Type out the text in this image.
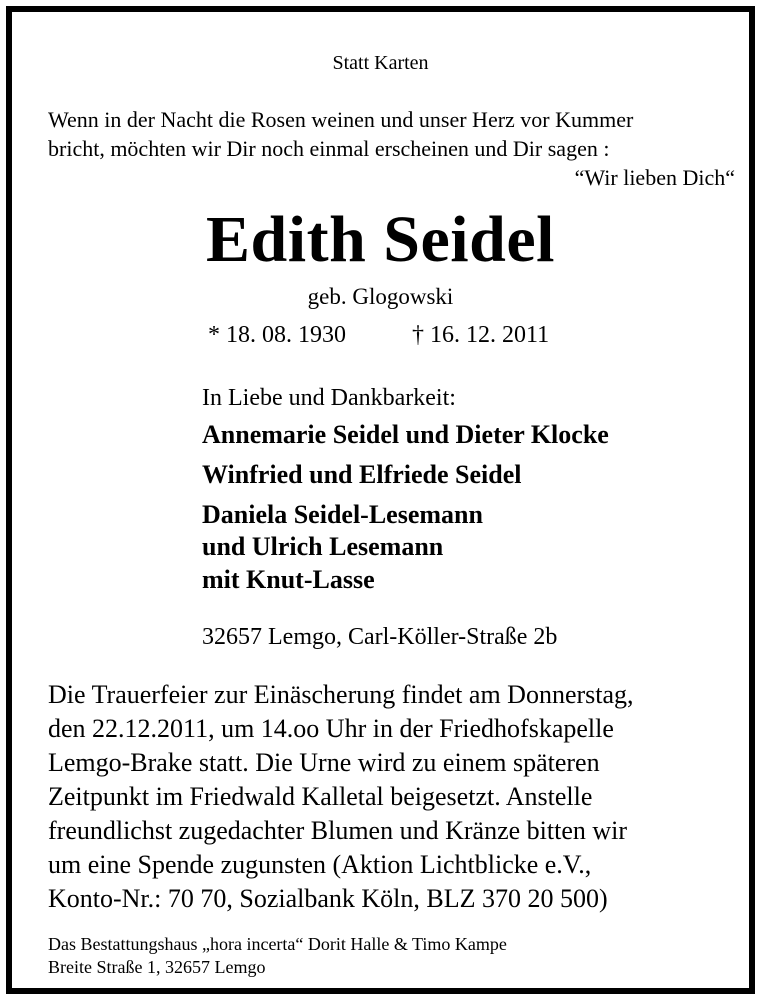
Statt Karten
Wenn in der Nacht die Rosen weinen und unser Herz vor Kummer
bricht, möchten wir Dir noch einmal erscheinen und Dir sagen :
“Wir lieben Dich“
Edith Seidel
geb. Glogowski
* 18. 08. 1930	† 16. 12. 2011
In Liebe und Dankbarkeit:
Annemarie Seidel und Dieter Klocke
Winfried und Elfriede Seidel
Daniela Seidel-Lesemann
und Ulrich Lesemann
mit Knut-Lasse
32657 Lemgo, Carl-Köller-Straße 2b
Die Trauerfeier zur Einäscherung findet am Donnerstag,
den 22.12.2011, um 14.oo Uhr in der Friedhofskapelle
Lemgo-Brake statt. Die Urne wird zu einem späteren
Zeitpunkt im Friedwald Kalletal beigesetzt. Anstelle
freundlichst zugedachter Blumen und Kränze bitten wir
um eine Spende zugunsten (Aktion Lichtblicke e.V.,
Konto-Nr.: 70 70, Sozialbank Köln, BLZ 370 20 500)
Das Bestattungshaus „hora incerta“ Dorit Halle & Timo Kampe
Breite Straße 1, 32657 Lemgo
